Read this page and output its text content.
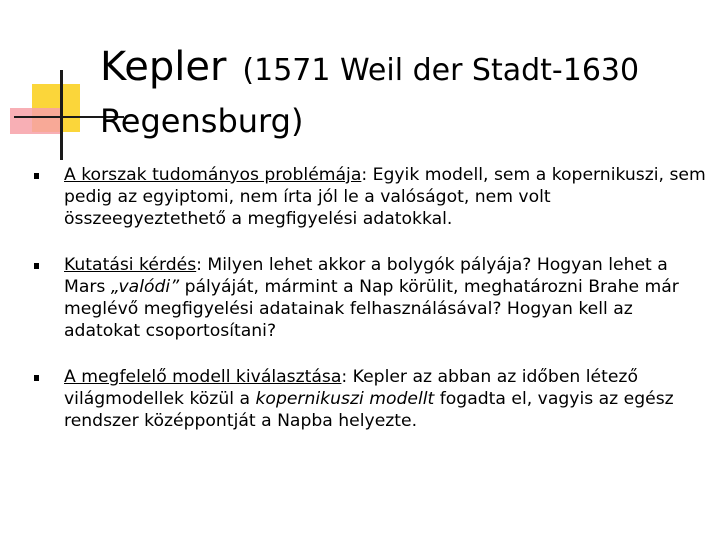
Kepler (1571 Weil der Stadt-1630
Regensburg)
A korszak tudományos problémája: Egyik modell, sem a kopernikuszi, sem pedig az egyiptomi, nem írta jól le a valóságot, nem volt összeegyeztethető a megfigyelési adatokkal.
Kutatási kérdés: Milyen lehet akkor a bolygók pályája? Hogyan lehet a Mars „valódi” pályáját, mármint a Nap körülit, meghatározni Brahe már meglévő megfigyelési adatainak felhasználásával? Hogyan kell az adatokat csoportosítani?
A megfelelő modell kiválasztása: Kepler az abban az időben létező világmodellek közül a kopernikuszi modellt fogadta el, vagyis az egész rendszer középpontját a Napba helyezte.
